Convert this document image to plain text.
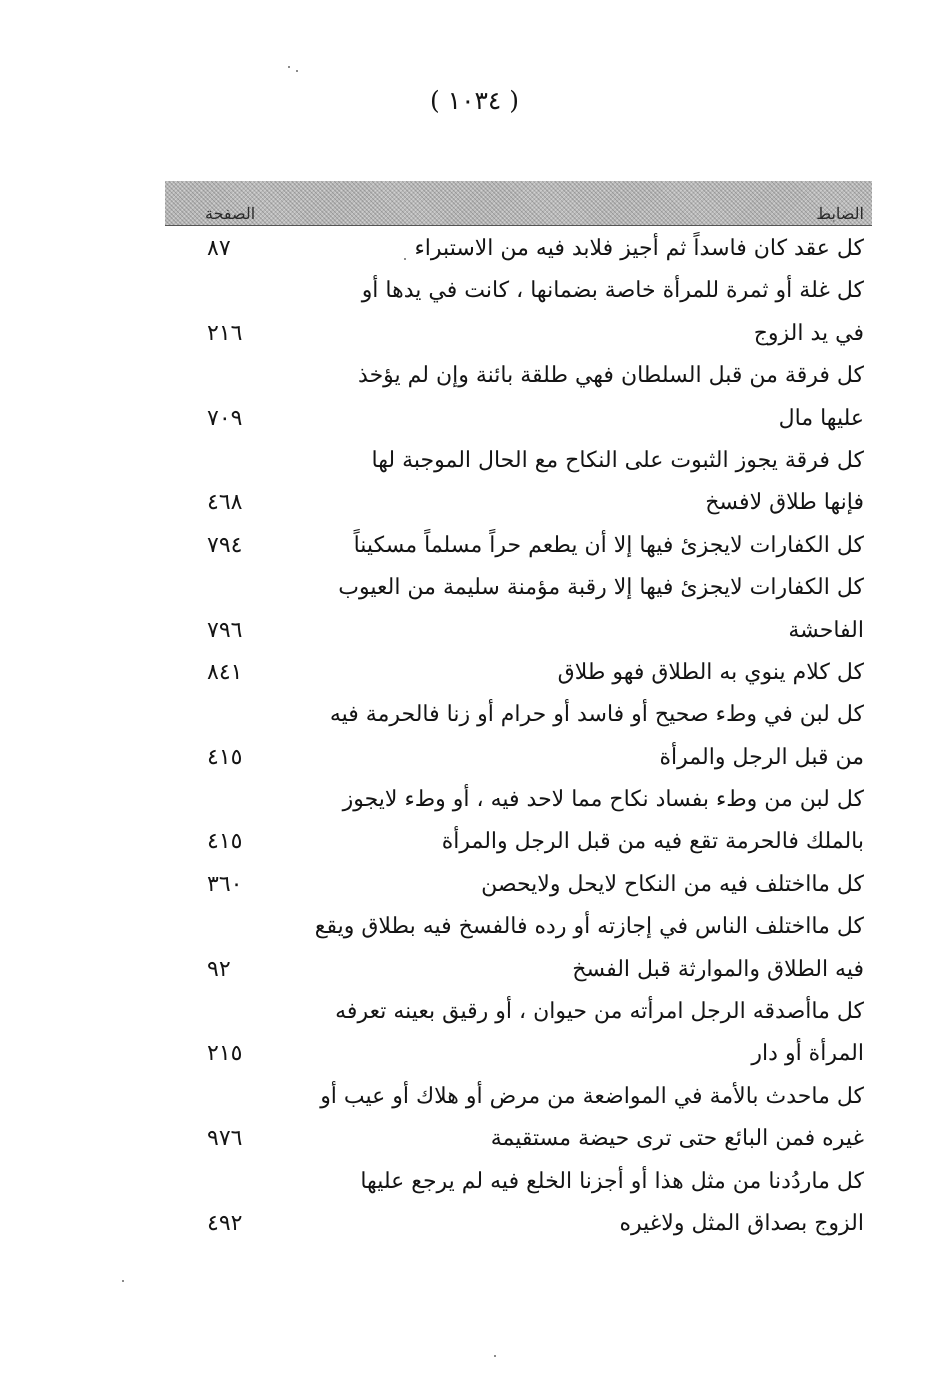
( ١٠٣٤ )
الضابط
الصفحة
كل عقد كان فاسداً ثم أجيز فلابد فيه من الاستبراء
٨٧
كل غلة أو ثمرة للمرأة خاصة بضمانها ، كانت في يدها أو
في يد الزوج
٢١٦
كل فرقة من قبل السلطان فهي طلقة بائنة وإن لم يؤخذ
عليها مال
٧٠٩
كل فرقة يجوز الثبوت على النكاح مع الحال الموجبة لها
فإنها طلاق لافسخ
٤٦٨
كل الكفارات لايجزئ فيها إلا أن يطعم حراً مسلماً مسكيناً
٧٩٤
كل الكفارات لايجزئ فيها إلا رقبة مؤمنة سليمة من العيوب
الفاحشة
٧٩٦
كل كلام ينوي به الطلاق فهو طلاق
٨٤١
كل لبن في وطء صحيح أو فاسد أو حرام أو زنا فالحرمة فيه
من قبل الرجل والمرأة
٤١٥
كل لبن من وطء بفساد نكاح مما لاحد فيه ، أو وطء لايجوز
بالملك فالحرمة تقع فيه من قبل الرجل والمرأة
٤١٥
كل مااختلف فيه من النكاح لايحل ولايحصن
٣٦٠
كل مااختلف الناس في إجازته أو رده فالفسخ فيه بطلاق ويقع
فيه الطلاق والموارثة قبل الفسخ
٩٢
كل ماأصدقه الرجل امرأته من حيوان ، أو رقيق بعينه تعرفه
المرأة أو دار
٢١٥
كل ماحدث بالأمة في المواضعة من مرض أو هلاك أو عيب أو
غيره فمن البائع حتى ترى حيضة مستقيمة
٩٧٦
كل ماردُدنا من مثل هذا أو أجزنا الخلع فيه لم يرجع عليها
الزوج بصداق المثل ولاغيره
٤٩٢
